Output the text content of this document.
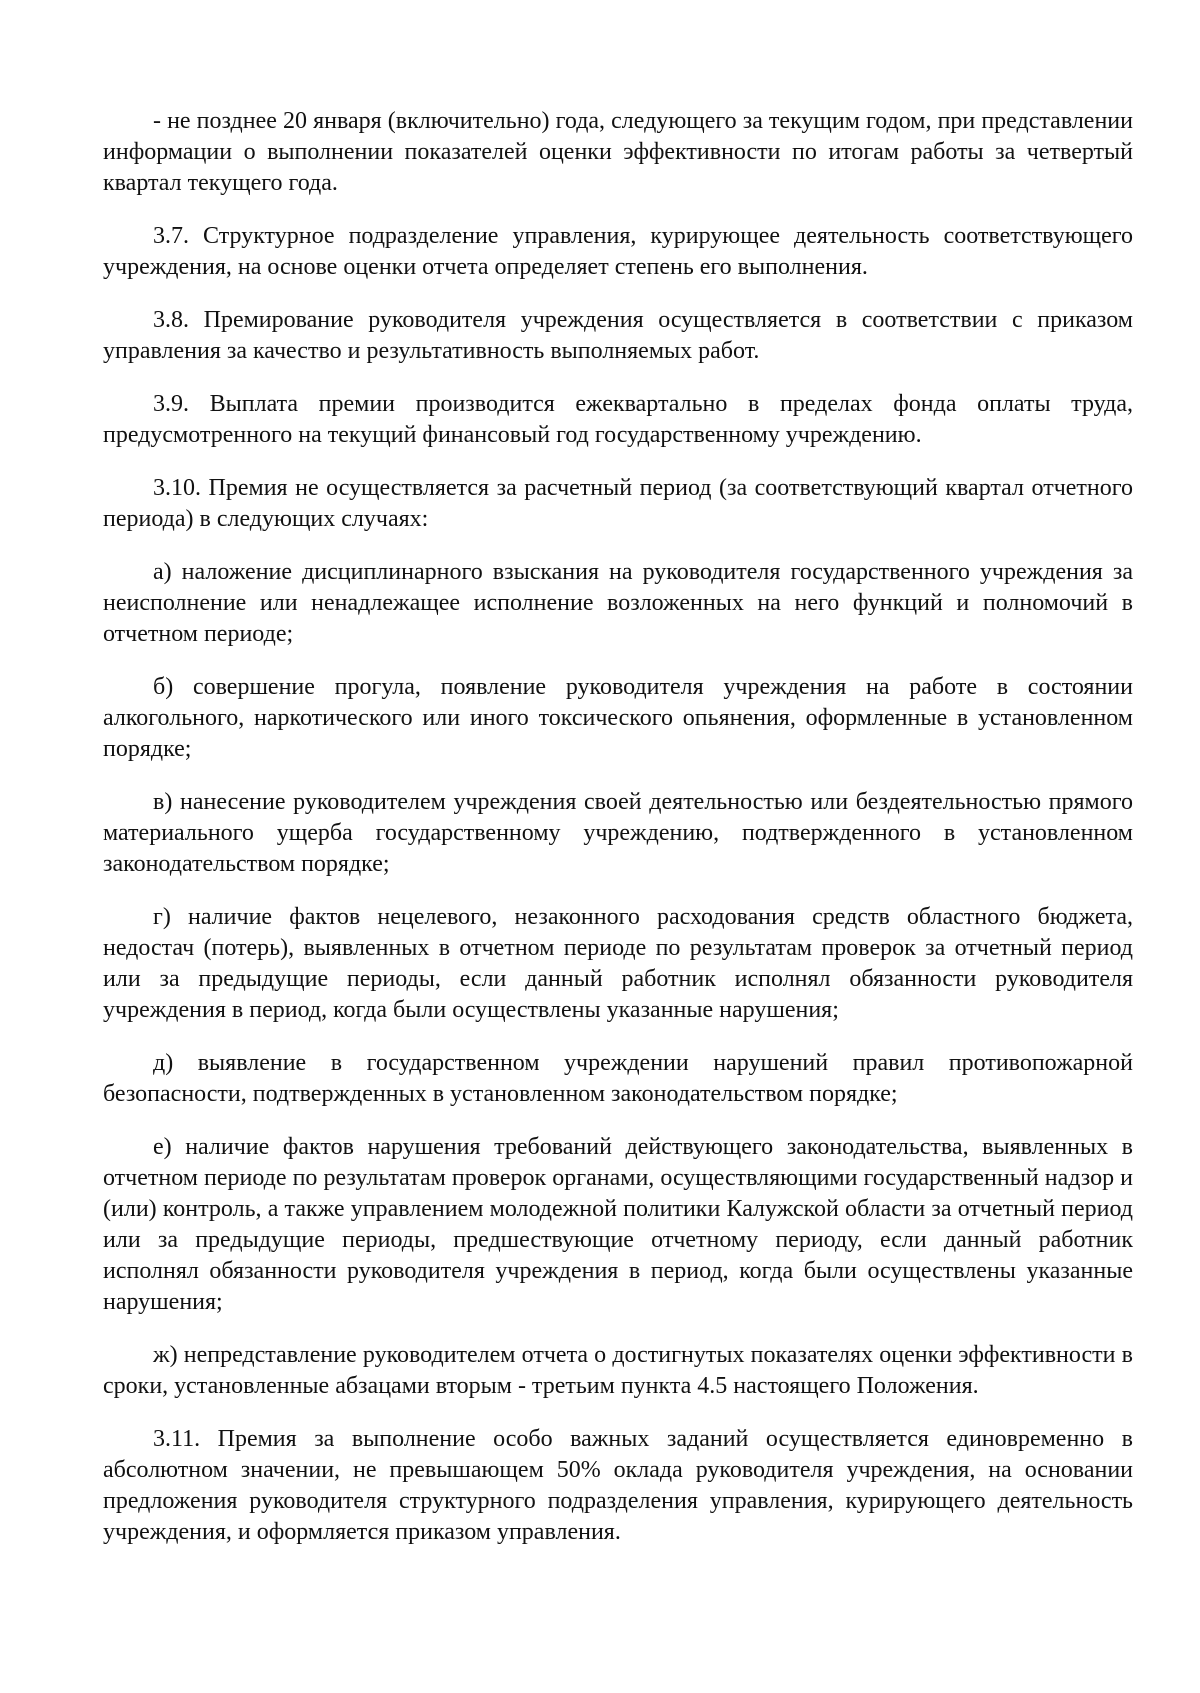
- не позднее 20 января (включительно) года, следующего за текущим годом, при представлении информации о выполнении показателей оценки эффективности по итогам работы за четвертый квартал текущего года.

3.7. Структурное подразделение управления, курирующее деятельность соответствующего учреждения, на основе оценки отчета определяет степень его выполнения.

3.8. Премирование руководителя учреждения осуществляется в соответствии с приказом управления за качество и результативность выполняемых работ.

3.9. Выплата премии производится ежеквартально в пределах фонда оплаты труда, предусмотренного на текущий финансовый год государственному учреждению.

3.10. Премия не осуществляется за расчетный период (за соответствующий квартал отчетного периода) в следующих случаях:

а) наложение дисциплинарного взыскания на руководителя государственного учреждения за неисполнение или ненадлежащее исполнение возложенных на него функций и полномочий в отчетном периоде;

б) совершение прогула, появление руководителя учреждения на работе в состоянии алкогольного, наркотического или иного токсического опьянения, оформленные в установленном порядке;

в) нанесение руководителем учреждения своей деятельностью или бездеятельностью прямого материального ущерба государственному учреждению, подтвержденного в установленном законодательством порядке;

г) наличие фактов нецелевого, незаконного расходования средств областного бюджета, недостач (потерь), выявленных в отчетном периоде по результатам проверок за отчетный период или за предыдущие периоды, если данный работник исполнял обязанности руководителя учреждения в период, когда были осуществлены указанные нарушения;

д) выявление в государственном учреждении нарушений правил противопожарной безопасности, подтвержденных в установленном законодательством порядке;

е) наличие фактов нарушения требований действующего законодательства, выявленных в отчетном периоде по результатам проверок органами, осуществляющими государственный надзор и (или) контроль, а также управлением молодежной политики Калужской области за отчетный период или за предыдущие периоды, предшествующие отчетному периоду, если данный работник исполнял обязанности руководителя учреждения в период, когда были осуществлены указанные нарушения;

ж) непредставление руководителем отчета о достигнутых показателях оценки эффективности в сроки, установленные абзацами вторым - третьим пункта 4.5 настоящего Положения.

3.11. Премия за выполнение особо важных заданий осуществляется единовременно в абсолютном значении, не превышающем 50% оклада руководителя учреждения, на основании предложения руководителя структурного подразделения управления, курирующего деятельность учреждения, и оформляется приказом управления.
